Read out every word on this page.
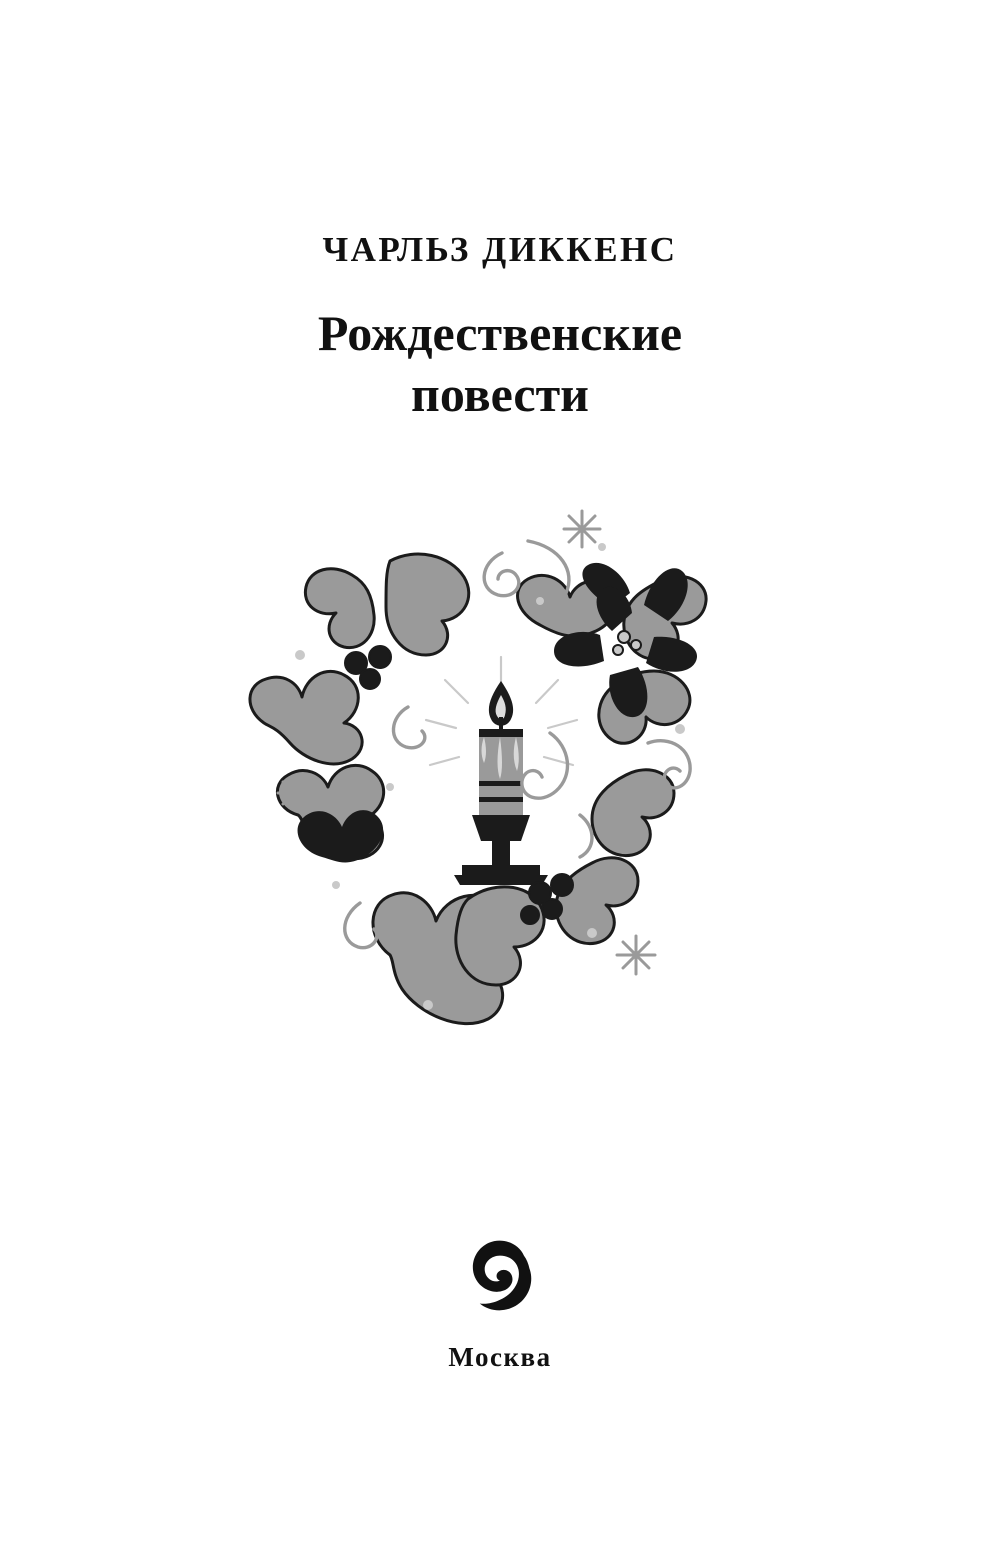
ЧАРЛЬЗ ДИККЕНС
Рождественские
повести
Москва
